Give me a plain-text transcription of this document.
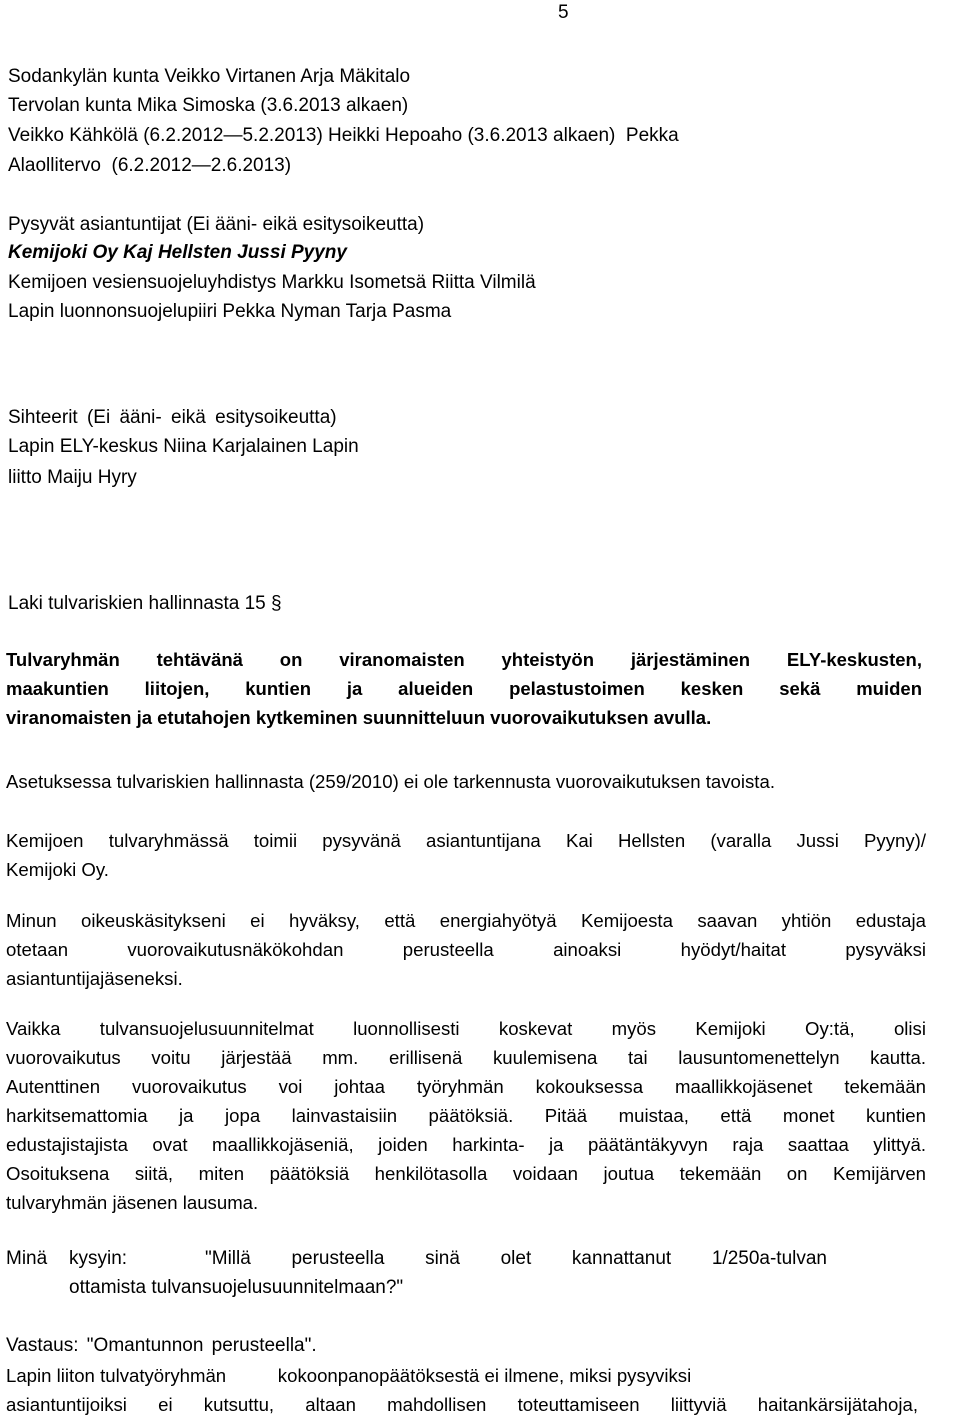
5
Sodankylän kunta Veikko Virtanen Arja Mäkitalo
Tervolan kunta Mika Simoska (3.6.2013 alkaen)
Veikko Kähkölä (6.2.2012—5.2.2013) Heikki Hepoaho (3.6.2013 alkaen)  Pekka
Alaollitervo  (6.2.2012—2.6.2013)
Pysyvät asiantuntijat (Ei ääni- eikä esitysoikeutta)
Kemijoki Oy Kaj Hellsten Jussi Pyyny
Kemijoen vesiensuojeluyhdistys Markku Isometsä Riitta Vilmilä
Lapin luonnonsuojelupiiri Pekka Nyman Tarja Pasma
Sihteerit (Ei ääni- eikä esitysoikeutta)
Lapin ELY-keskus Niina Karjalainen Lapin
liitto Maiju Hyry
Laki tulvariskien hallinnasta 15 §
Tulvaryhmän tehtävänä on viranomaisten yhteistyön järjestäminen ELY-keskusten,
maakuntien liitojen, kuntien ja alueiden pelastustoimen kesken sekä muiden
viranomaisten ja etutahojen kytkeminen suunnitteluun vuorovaikutuksen avulla.
Asetuksessa tulvariskien hallinnasta (259/2010) ei ole tarkennusta vuorovaikutuksen tavoista.
Kemijoen tulvaryhmässä toimii pysyvänä asiantuntijana Kai Hellsten (varalla Jussi Pyyny)/
Kemijoki Oy.
Minun oikeuskäsitykseni ei hyväksy, että energiahyötyä Kemijoesta saavan yhtiön edustaja
otetaan vuorovaikutusnäkökohdan perusteella ainoaksi hyödyt/haitat pysyväksi
asiantuntijajäseneksi.
Vaikka tulvansuojelusuunnitelmat luonnollisesti koskevat myös Kemijoki Oy:tä, olisi
vuorovaikutus voitu järjestää mm. erillisenä kuulemisena tai lausuntomenettelyn kautta.
Autenttinen vuorovaikutus voi johtaa työryhmän kokouksessa maallikkojäsenet tekemään
harkitsemattomia ja jopa lainvastaisiin päätöksiä. Pitää muistaa, että monet kuntien
edustajistajista ovat maallikkojäseniä, joiden harkinta- ja päätäntäkyvyn raja saattaa ylittyä.
Osoituksena siitä, miten päätöksiä henkilötasolla voidaan joutua tekemään on Kemijärven
tulvaryhmän jäsenen lausuma.
Minä kysyin:	"Millä perusteella sinä olet kannattanut 1/250a-tulvan
ottamista tulvansuojelusuunnitelmaan?"
Vastaus: "Omantunnon perusteella".
Lapin liiton tulvatyöryhmän          kokoonpanopäätöksestä ei ilmene, miksi pysyviksi
asiantuntijoiksi ei kutsuttu, altaan mahdollisen toteuttamiseen liittyviä haitankärsijätahoja,
